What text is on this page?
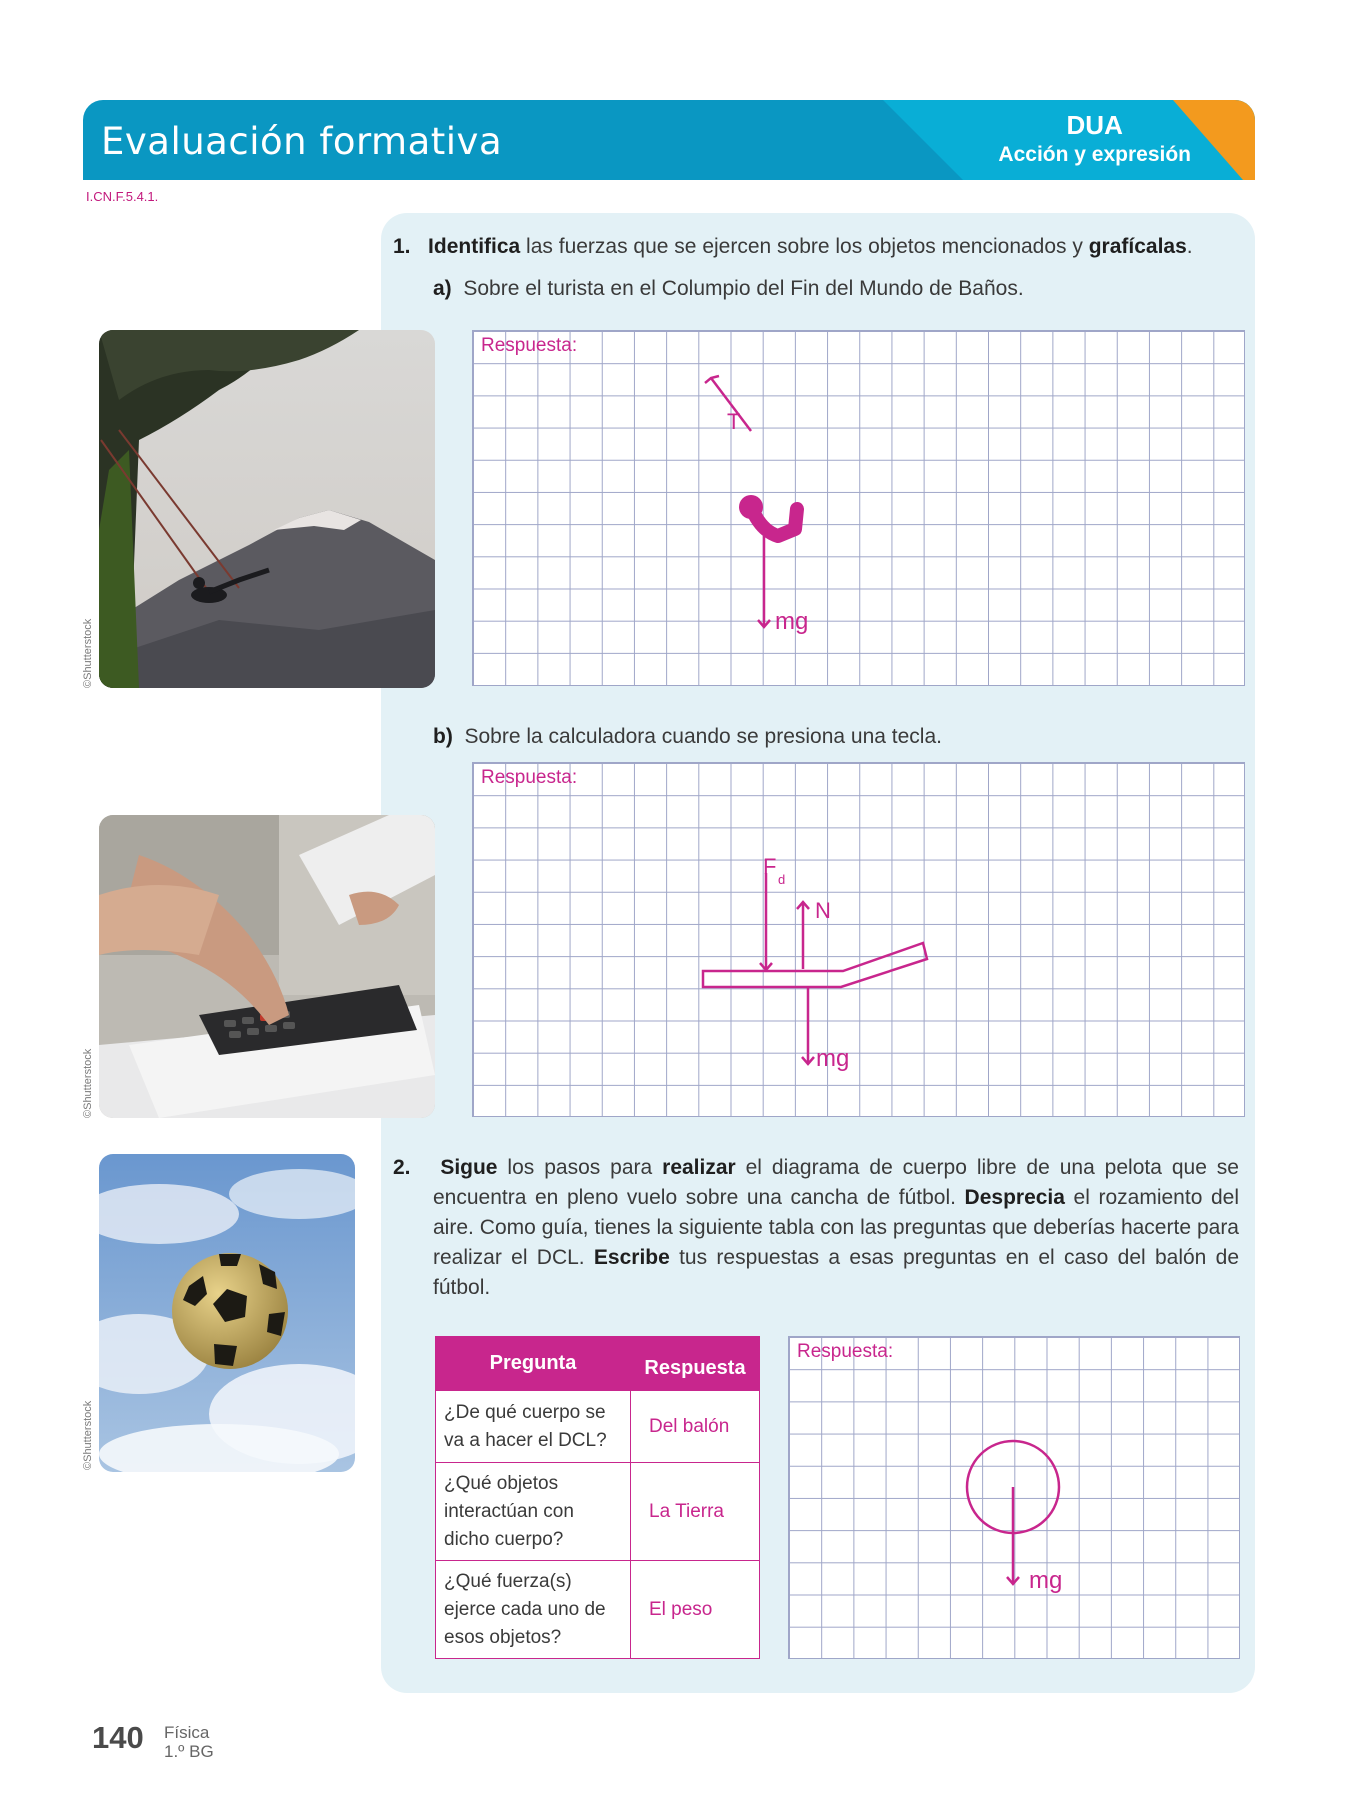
Evaluación formativa	DUA
Acción y expresión
I.CN.F.5.4.1.
1. Identifica las fuerzas que se ejercen sobre los objetos mencionados y grafícalas.
a) Sobre el turista en el Columpio del Fin del Mundo de Baños.
©Shutterstock
Respuesta:
T
mg
b) Sobre la calculadora cuando se presiona una tecla.
©Shutterstock
Respuesta:
F
d
N
mg
©Shutterstock
2. Sigue los pasos para realizar el diagrama de cuerpo libre de una pelota que se encuentra en pleno vuelo sobre una cancha de fútbol. Desprecia el rozamiento del aire. Como guía, tienes la siguiente tabla con las preguntas que deberías hacerte para realizar el DCL. Escribe tus respuestas a esas preguntas en el caso del balón de fútbol.
Pregunta	Respuesta
¿De qué cuerpo se va a hacer el DCL?	Del balón
¿Qué objetos interactúan con dicho cuerpo?	La Tierra
¿Qué fuerza(s) ejerce cada uno de esos objetos?	El peso
Respuesta:
mg
140 Física
1.º BG
